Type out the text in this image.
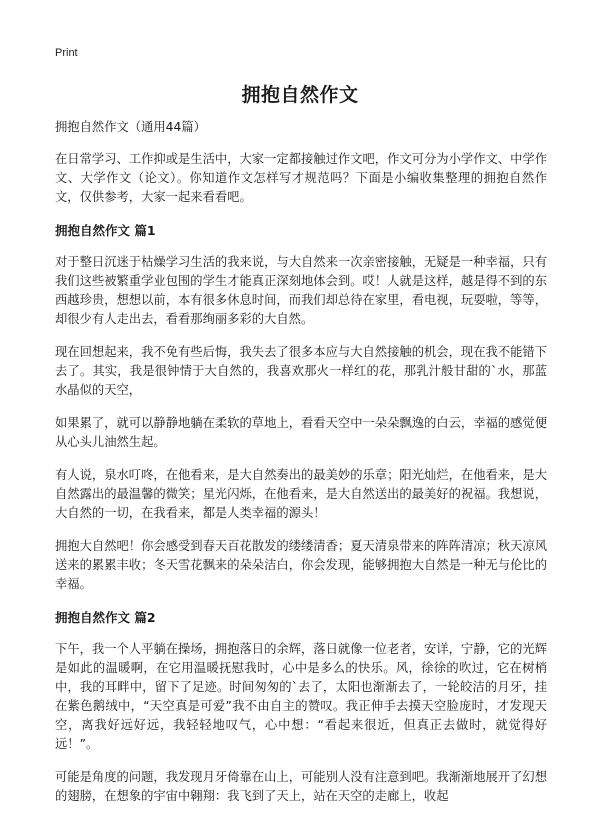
Print
拥抱自然作文

拥抱自然作文（通用44篇）

在日常学习、工作抑或是生活中，大家一定都接触过作文吧，作文可分为小学作文、中学作文、大学作文（论文）。你知道作文怎样写才规范吗？下面是小编收集整理的拥抱自然作文，仅供参考，大家一起来看看吧。

拥抱自然作文 篇1

对于整日沉迷于枯燥学习生活的我来说，与大自然来一次亲密接触，无疑是一种幸福，只有我们这些被繁重学业包围的学生才能真正深刻地体会到。哎！人就是这样，越是得不到的东西越珍贵，想想以前，本有很多休息时间，而我们却总待在家里，看电视，玩耍啦，等等，却很少有人走出去，看看那绚丽多彩的大自然。

现在回想起来，我不免有些后悔，我失去了很多本应与大自然接触的机会，现在我不能错下去了。其实，我是很钟情于大自然的，我喜欢那火一样红的花，那乳汁般甘甜的`水，那蓝水晶似的天空，

如果累了，就可以静静地躺在柔软的草地上，看看天空中一朵朵飘逸的白云，幸福的感觉便从心头儿油然生起。

有人说，泉水叮咚，在他看来，是大自然奏出的最美妙的乐章；阳光灿烂，在他看来，是大自然露出的最温馨的微笑；星光闪烁，在他看来，是大自然送出的最美好的祝福。我想说，大自然的一切，在我看来，都是人类幸福的源头！

拥抱大自然吧！你会感受到春天百花散发的缕缕清香；夏天清泉带来的阵阵清凉；秋天凉风送来的累累丰收；冬天雪花飘来的朵朵洁白，你会发现，能够拥抱大自然是一种无与伦比的幸福。

拥抱自然作文 篇2

下午，我一个人平躺在操场，拥抱落日的余辉，落日就像一位老者，安详，宁静，它的光辉是如此的温暖啊，在它用温暖抚慰我时，心中是多么的快乐。风，徐徐的吹过，它在树梢中，我的耳畔中，留下了足迹。时间匆匆的`去了，太阳也渐渐去了，一轮皎洁的月牙，挂在紫色鹅绒中，“天空真是可爱”我不由自主的赞叹。我正伸手去摸天空脸庞时，才发现天空，离我好远好远，我轻轻地叹气，心中想：“看起来很近，但真正去做时，就觉得好远！”。

可能是角度的问题，我发现月牙倚靠在山上，可能别人没有注意到吧。我渐渐地展开了幻想的翅膀，在想象的宇宙中翱翔：我飞到了天上，站在天空的走廊上，收起
